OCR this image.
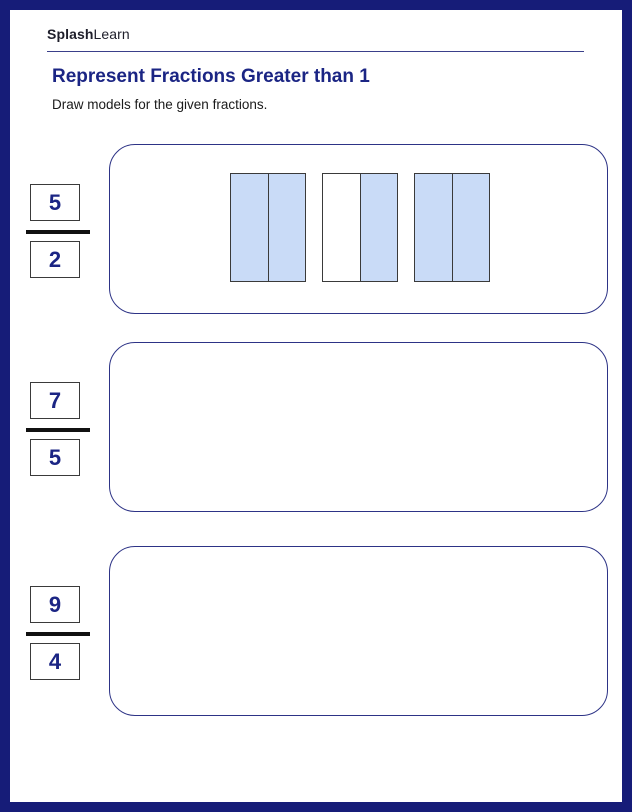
SplashLearn
Represent Fractions Greater than 1
Draw models for the given fractions.
$\frac{5}{2}$
$\frac{7}{5}$
$\frac{9}{4}$
